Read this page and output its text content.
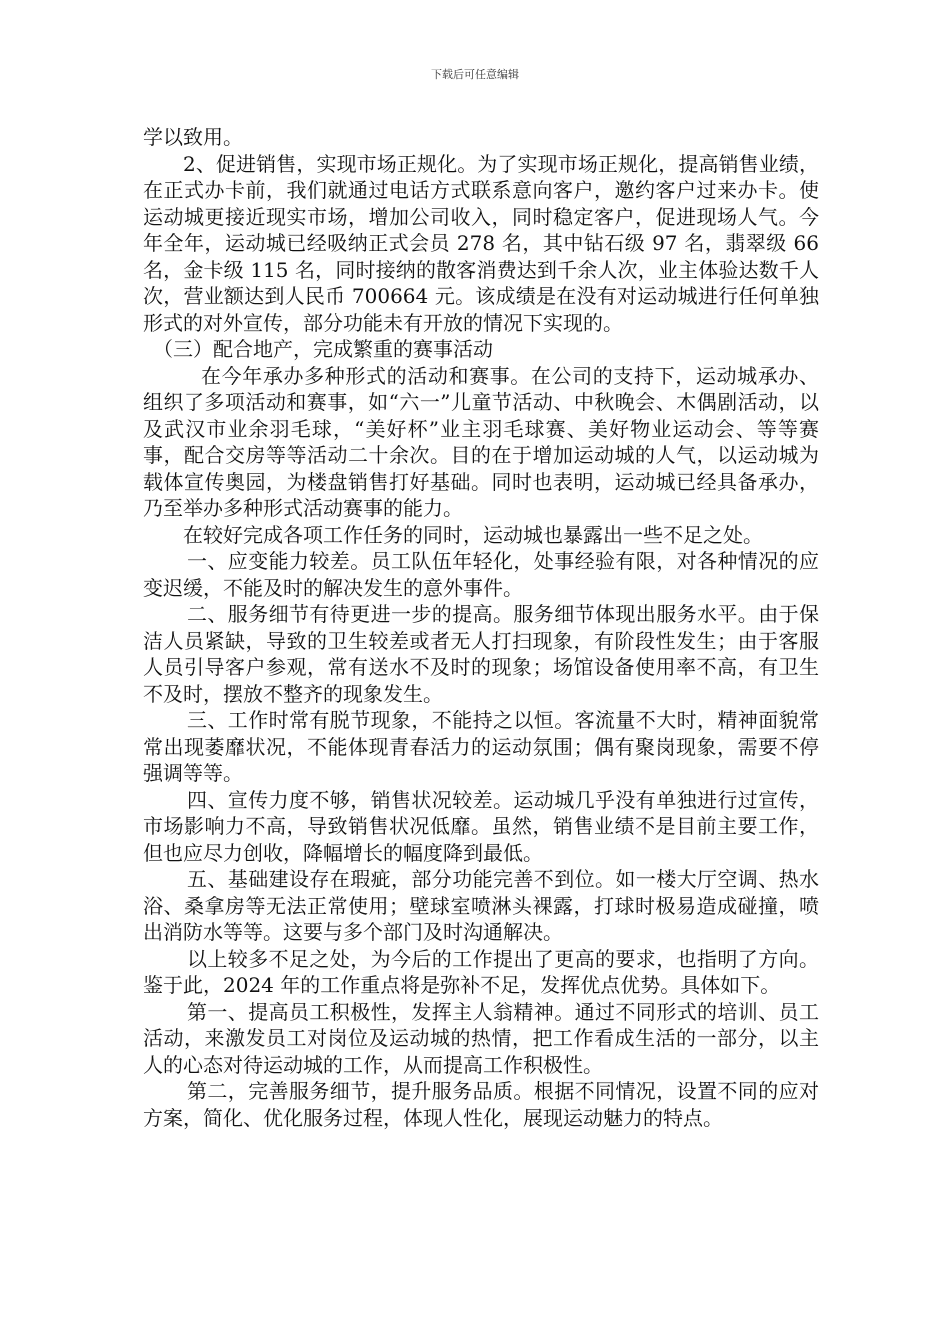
下载后可任意编辑

学以致用。

2、促进销售，实现市场正规化。为了实现市场正规化，提高销售业绩，在正式办卡前，我们就通过电话方式联系意向客户，邀约客户过来办卡。使运动城更接近现实市场，增加公司收入，同时稳定客户，促进现场人气。今年全年，运动城已经吸纳正式会员 278 名，其中钻石级 97 名，翡翠级 66 名，金卡级 115 名，同时接纳的散客消费达到千余人次，业主体验达数千人次，营业额达到人民币 700664 元。该成绩是在没有对运动城进行任何单独形式的对外宣传，部分功能未有开放的情况下实现的。

（三）配合地产，完成繁重的赛事活动

在今年承办多种形式的活动和赛事。在公司的支持下，运动城承办、组织了多项活动和赛事，如“六一”儿童节活动、中秋晚会、木偶剧活动，以及武汉市业余羽毛球，“美好杯”业主羽毛球赛、美好物业运动会、等等赛事，配合交房等等活动二十余次。目的在于增加运动城的人气，以运动城为载体宣传奥园，为楼盘销售打好基础。同时也表明，运动城已经具备承办，乃至举办多种形式活动赛事的能力。

在较好完成各项工作任务的同时，运动城也暴露出一些不足之处。

一、应变能力较差。员工队伍年轻化，处事经验有限，对各种情况的应变迟缓，不能及时的解决发生的意外事件。

二、服务细节有待更进一步的提高。服务细节体现出服务水平。由于保洁人员紧缺，导致的卫生较差或者无人打扫现象，有阶段性发生；由于客服人员引导客户参观，常有送水不及时的现象；场馆设备使用率不高，有卫生不及时，摆放不整齐的现象发生。

三、工作时常有脱节现象，不能持之以恒。客流量不大时，精神面貌常常出现萎靡状况，不能体现青春活力的运动氛围；偶有聚岗现象，需要不停强调等等。

四、宣传力度不够，销售状况较差。运动城几乎没有单独进行过宣传，市场影响力不高，导致销售状况低靡。虽然，销售业绩不是目前主要工作，但也应尽力创收，降幅增长的幅度降到最低。

五、基础建设存在瑕疵，部分功能完善不到位。如一楼大厅空调、热水浴、桑拿房等无法正常使用；壁球室喷淋头裸露，打球时极易造成碰撞，喷出消防水等等。这要与多个部门及时沟通解决。

以上较多不足之处，为今后的工作提出了更高的要求，也指明了方向。鉴于此，2024 年的工作重点将是弥补不足，发挥优点优势。具体如下。

第一、提高员工积极性，发挥主人翁精神。通过不同形式的培训、员工活动，来激发员工对岗位及运动城的热情，把工作看成生活的一部分，以主人的心态对待运动城的工作，从而提高工作积极性。

第二，完善服务细节，提升服务品质。根据不同情况，设置不同的应对方案，简化、优化服务过程，体现人性化，展现运动魅力的特点。
